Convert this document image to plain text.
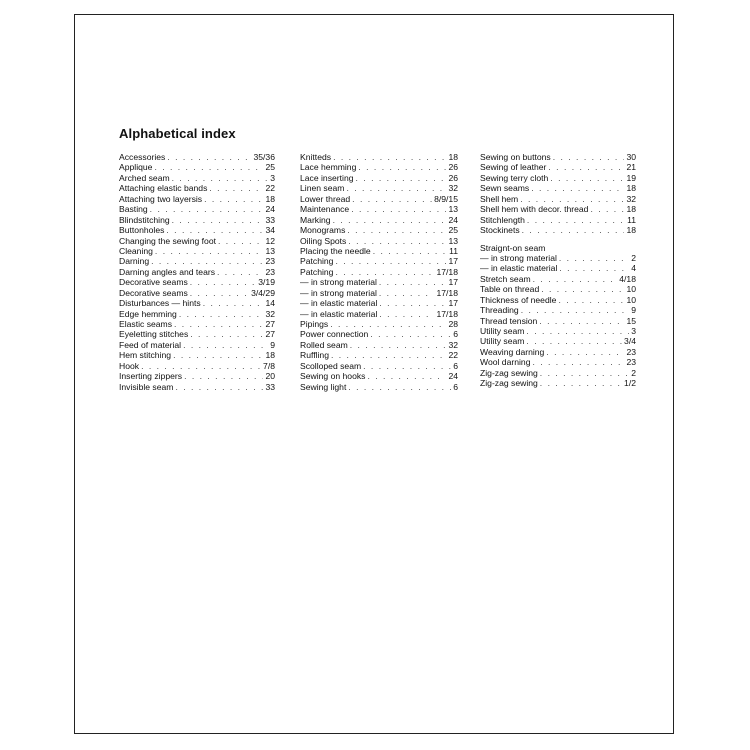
Alphabetical index
Accessories . . .	35/36
Applique . . .	25
Arched seam . . .	3
Attaching elastic bands . . .	22
Attaching two layersis . . .	18
Basting . . .	24
Blindstitching . . .	33
Buttonholes . . .	34
Changing the sewing foot . . .	12
Cleaning . . .	13
Darning . . .	23
Darning angles and tears . . .	23
Decorative seams . . .	3/19
Decorative seams . . .	3/4/29
Disturbances — hints . . .	14
Edge hemming . . .	32
Elastic seams . . .	27
Eyeletting stitches . . .	27
Feed of material . . .	9
Hem stitching . . .	18
Hook . . .	7/8
Inserting zippers . . .	20
Invisible seam . . .	33
Knitteds . . .	18
Lace hemming . . .	26
Lace inserting . . .	26
Linen seam . . .	32
Lower thread . . .	8/9/15
Maintenance . . .	13
Marking . . .	24
Monograms . . .	25
Oiling Spots . . .	13
Placing the needle . . .	11
Patching . . .	17
Patching . . .	17/18
— in strong material . . .	17
— in strong material . . .	17/18
— in elastic material . . .	17
— in elastic material . . .	17/18
Pipings . . .	28
Power connection . . .	6
Rolled seam . . .	32
Ruffling . . .	22
Scolloped seam . . .	6
Sewing on hooks . . .	24
Sewing light . . .	6
Sewing on buttons . . .	30
Sewing of leather . . .	21
Sewing terry cloth . . .	19
Sewn seams . . .	18
Shell hem . . .	32
Shell hem with decor. thread . . .	18
Stitchlength . . .	11
Stockinets . . .	18
Straignt-on seam
— in strong material . . .	2
— in elastic material . . .	4
Stretch seam . . .	4/18
Table on thread . . .	10
Thickness of needle . . .	10
Threading . . .	9
Thread tension . . .	15
Utility seam . . .	3
Utility seam . . .	3/4
Weaving darning . . .	23
Wool darning . . .	23
Zig-zag sewing . . .	2
Zig-zag sewing . . .	1/2
